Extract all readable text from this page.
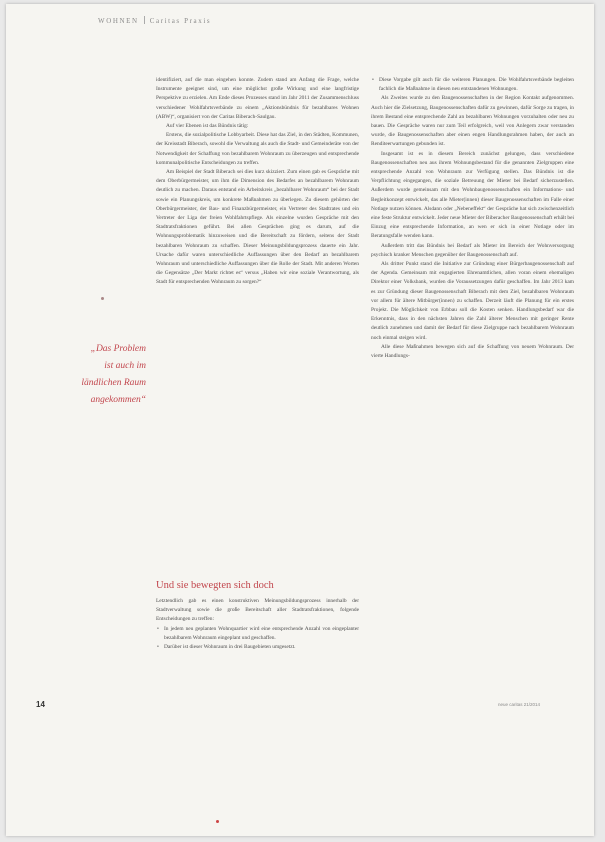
WOHNEN Caritas Praxis
„Das Problem
ist auch im
ländlichen Raum
angekommen“

identifiziert, auf die man eingehen konnte. Zudem stand am Anfang die Frage, welche Instrumente geeignet sind, um eine möglichst große Wirkung und eine langfristige Perspektive zu erzielen. Am Ende dieses Prozesses stand im Jahr 2011 der Zusammenschluss verschiedener Wohlfahrtsverbände zu einem „Aktionsbündnis für bezahlbares Wohnen (ABW)“, organisiert von der Caritas Biberach-Saulgau.

Auf vier Ebenen ist das Bündnis tätig:

Erstens, die sozialpolitische Lobbyarbeit. Diese hat das Ziel, in den Städten, Kommunen, der Kreisstadt Biberach, sowohl die Verwaltung als auch die Stadt- und Gemeinderäte von der Notwendigkeit der Schaffung von bezahlbarem Wohnraum zu überzeugen und entsprechende kommunalpolitische Entscheidungen zu treffen.

Am Beispiel der Stadt Biberach sei dies kurz skizziert. Zum einen gab es Gespräche mit dem Oberbürgermeister, um ihm die Dimension des Bedarfes an bezahlbarem Wohnraum deutlich zu machen. Daraus entstand ein Arbeitskreis „bezahlbarer Wohnraum“ bei der Stadt sowie ein Planungskreis, um konkrete Maßnahmen zu überlegen. Zu diesem gehörten der Oberbürgermeister, der Bau- und Finanzbürgermeister, ein Vertreter des Stadtrates und ein Vertreter der Liga der freien Wohlfahrtspflege. Als einzelne wurden Gespräche mit den Stadtratsfraktionen geführt. Bei allen Gesprächen ging es darum, auf die Wohnungsproblematik hinzuweisen und die Bereitschaft zu fördern, seitens der Stadt bezahlbaren Wohnraum zu schaffen. Dieser Meinungsbildungsprozess dauerte ein Jahr. Ursache dafür waren unterschiedliche Auffassungen über den Bedarf an bezahlbarem Wohnraum und unterschiedliche Auffassungen über die Rolle der Stadt. Mit anderen Worten die Gegensätze „Der Markt richtet es“ versus „Haben wir eine soziale Verantwortung, als Stadt für entsprechenden Wohnraum zu sorgen?“

Und sie bewegten sich doch

Letztendlich gab es einen konstruktiven Meinungsbildungsprozess innerhalb der Stadtverwaltung sowie die große Bereitschaft aller Stadtratsfraktionen, folgende Entscheidungen zu treffen:

• In jedem neu geplanten Wohnquartier wird eine entsprechende Anzahl von eingeplanter bezahlbarem Wohnraum eingeplant und geschaffen.
• Darüber ist dieser Wohnraum in drei Baugebieten umgesetzt.
• Diese Vorgabe gilt auch für die weiteren Planungen. Die Wohlfahrtsverbände begleiten fachlich die Maßnahme in diesen neu entstandenen Wohnungen.

Als Zweites wurde zu den Baugenossenschaften in der Region Kontakt aufgenommen. Auch hier die Zielsetzung, Baugenossenschaften dafür zu gewinnen, dafür Sorge zu tragen, in ihrem Bestand eine entsprechende Zahl an bezahlbaren Wohnungen vorzuhalten oder neu zu bauen. Die Gespräche waren nur zum Teil erfolgreich, weil von Anlegern zwar verstanden wurde, die Baugenossenschaften aber einen engen Handlungsrahmen haben, der auch an Renditeerwartungen gebunden ist.

Insgesamt ist es in diesem Bereich zunächst gelungen, dass verschiedene Baugenossenschaften neu aus ihrem Wohnungsbestand für die genannten Zielgruppen eine entsprechende Anzahl von Wohnraum zur Verfügung stellen. Das Bündnis ist die Verpflichtung eingegangen, die soziale Betreuung der Mieter bei Bedarf sicherzustellen. Außerdem wurde gemeinsam mit den Wohnbaugenossenschaften ein Informations- und Begleitkonzept entwickelt, das alle Mieter(innen) dieser Baugenossenschaften im Falle einer Notlage nutzen können. Alsdann oder „Nebeneffekt“ der Gespräche hat sich zwischenzeitlich eine feste Struktur entwickelt. Jeder neue Mieter der Biberacher Baugenossenschaft erhält bei Einzug eine entsprechende Information, an wen er sich in einer Notlage oder im Beratungsfalle wenden kann.

Außerdem tritt das Bündnis bei Bedarf als Mieter im Bereich der Wohnversorgung psychisch kranker Menschen gegenüber der Baugenossenschaft auf.

Als dritter Punkt stand die Initiative zur Gründung einer Bürgerbaugenossenschaft auf der Agenda. Gemeinsam mit engagierten Ehrenamtlichen, allen voran einem ehemaligen Direktor einer Volksbank, wurden die Voraussetzungen dafür geschaffen. Im Jahr 2013 kam es zur Gründung dieser Baugenossenschaft Biberach mit dem Ziel, bezahlbaren Wohnraum vor allem für ältere Mitbürger(innen) zu schaffen. Derzeit läuft die Planung für ein erstes Projekt. Die Möglichkeit von Erbbau soll die Kosten senken. Handlungsbedarf war die Erkenntnis, dass in den nächsten Jahren die Zahl älterer Menschen mit geringer Rente deutlich zunehmen und damit der Bedarf für diese Zielgruppe nach bezahlbarem Wohnraum noch einmal steigen wird.

Alle diese Maßnahmen bewegen sich auf die Schaffung von neuem Wohnraum. Der vierte Handlungs-

14	neue caritas 21/2014
